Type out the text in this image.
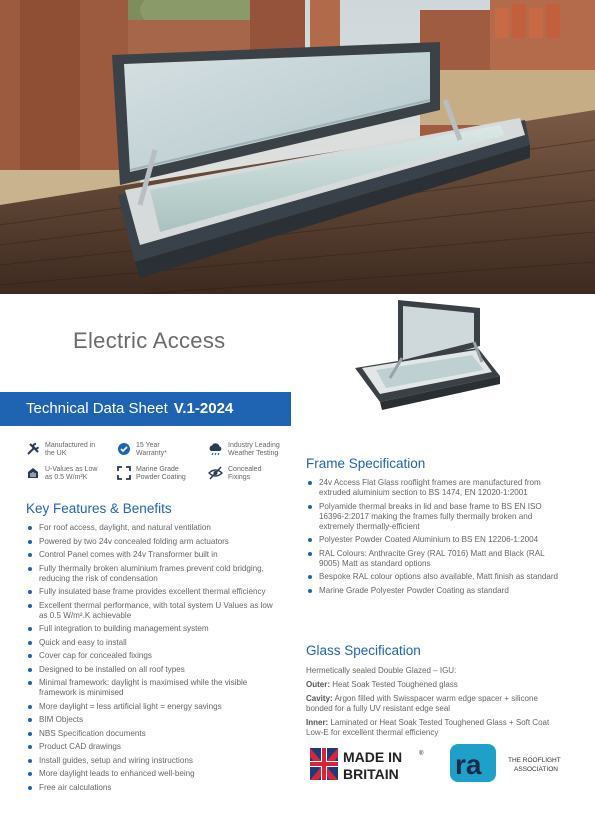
Electric Access
Technical Data Sheet V.1-2024
Manufactured in
the UK
15 Year
Warranty*
Industry Leading
Weather Testing
U-Values as Low
as 0.5 W/m²K
Marine Grade
Powder Coating
Concealed
Fixings
Key Features & Benefits
For roof access, daylight, and natural ventilation
Powered by two 24v concealed folding arm actuators
Control Panel comes with 24v Transformer built in
Fully thermally broken aluminium frames prevent cold bridging, reducing the risk of condensation
Fully insulated base frame provides excellent thermal efficiency
Excellent thermal performance, with total system U Values as low as 0.5 W/m².K achievable
Full integration to building management system
Quick and easy to install
Cover cap for concealed fixings
Designed to be installed on all roof types
Minimal framework: daylight is maximised while the visible framework is minimised
More daylight = less artificial light = energy savings
BIM Objects
NBS Specification documents
Product CAD drawings
Install guides, setup and wiring instructions
More daylight leads to enhanced well-being
Free air calculations
Frame Specification
24v Access Flat Glass rooflight frames are manufactured from extruded aluminium section to BS 1474, EN 12020-1:2001
Polyamide thermal breaks in lid and base frame to BS EN ISO 16396-2:2017 making the frames fully thermally broken and extremely thermally-efficient
Polyester Powder Coated Aluminium to BS EN 12206-1:2004
RAL Colours: Anthracite Grey (RAL 7016) Matt and Black (RAL 9005) Matt as standard options
Bespoke RAL colour options also available, Matt finish as standard
Marine Grade Polyester Powder Coating as standard
Glass Specification

Hermetically sealed Double Glazed – IGU:

Outer: Heat Soak Tested Toughened glass

Cavity: Argon filled with Swisspacer warm edge spacer + silicone bonded for a fully UV resistant edge seal

Inner: Laminated or Heat Soak Tested Toughened Glass + Soft Coat Low-E for excellent thermal efficiency

MADE IN	®
BRITAIN ra	THE ROOFLIGHT
ASSOCIATION
